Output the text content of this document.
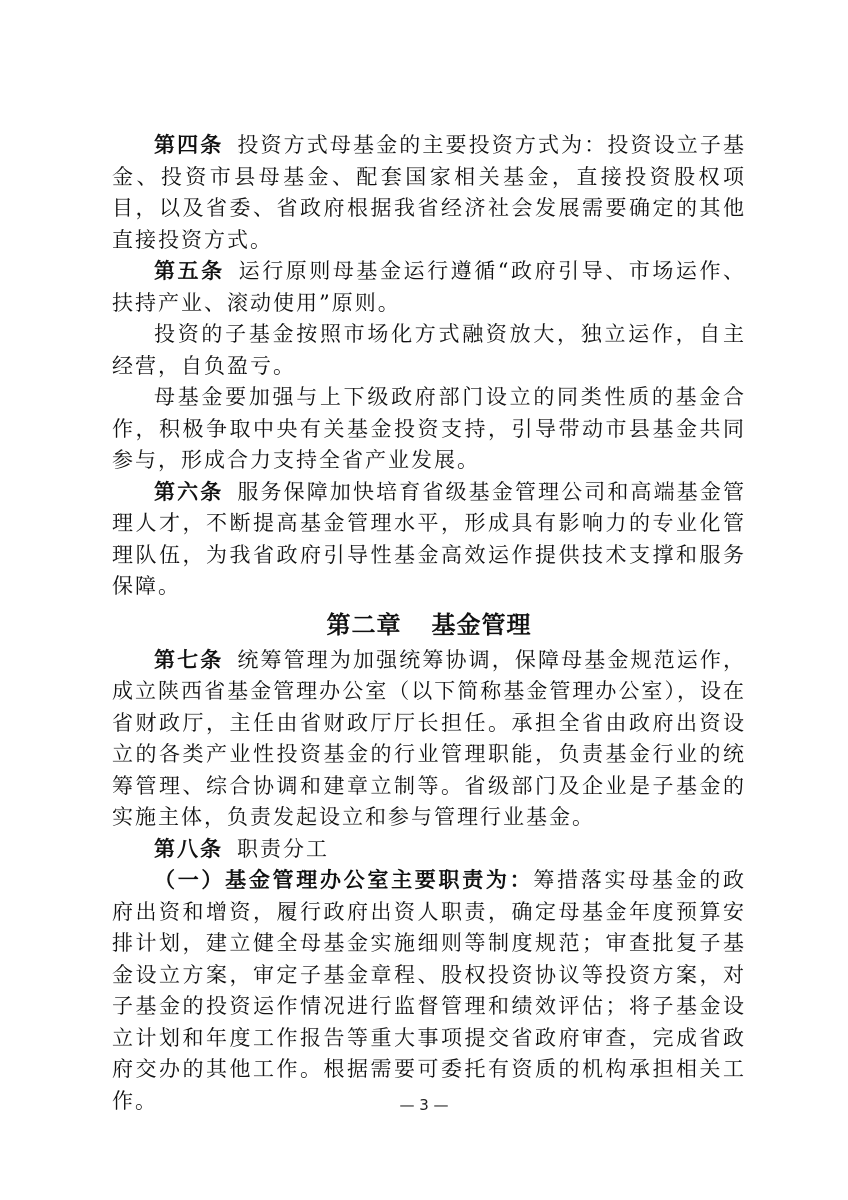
第四条 投资方式母基金的主要投资方式为：投资设立子基金、投资市县母基金、配套国家相关基金，直接投资股权项目，以及省委、省政府根据我省经济社会发展需要确定的其他直接投资方式。

第五条 运行原则母基金运行遵循“政府引导、市场运作、扶持产业、滚动使用”原则。

投资的子基金按照市场化方式融资放大，独立运作，自主经营，自负盈亏。

母基金要加强与上下级政府部门设立的同类性质的基金合作，积极争取中央有关基金投资支持，引导带动市县基金共同参与，形成合力支持全省产业发展。

第六条 服务保障加快培育省级基金管理公司和高端基金管理人才，不断提高基金管理水平，形成具有影响力的专业化管理队伍，为我省政府引导性基金高效运作提供技术支撑和服务保障。

第二章 基金管理

第七条 统筹管理为加强统筹协调，保障母基金规范运作，成立陕西省基金管理办公室（以下简称基金管理办公室），设在省财政厅，主任由省财政厅厅长担任。承担全省由政府出资设立的各类产业性投资基金的行业管理职能，负责基金行业的统筹管理、综合协调和建章立制等。省级部门及企业是子基金的实施主体，负责发起设立和参与管理行业基金。

第八条 职责分工

（一）基金管理办公室主要职责为：筹措落实母基金的政府出资和增资，履行政府出资人职责，确定母基金年度预算安排计划，建立健全母基金实施细则等制度规范；审查批复子基金设立方案，审定子基金章程、股权投资协议等投资方案，对子基金的投资运作情况进行监督管理和绩效评估；将子基金设立计划和年度工作报告等重大事项提交省政府审查，完成省政府交办的其他工作。根据需要可委托有资质的机构承担相关工作。	— 3 —
